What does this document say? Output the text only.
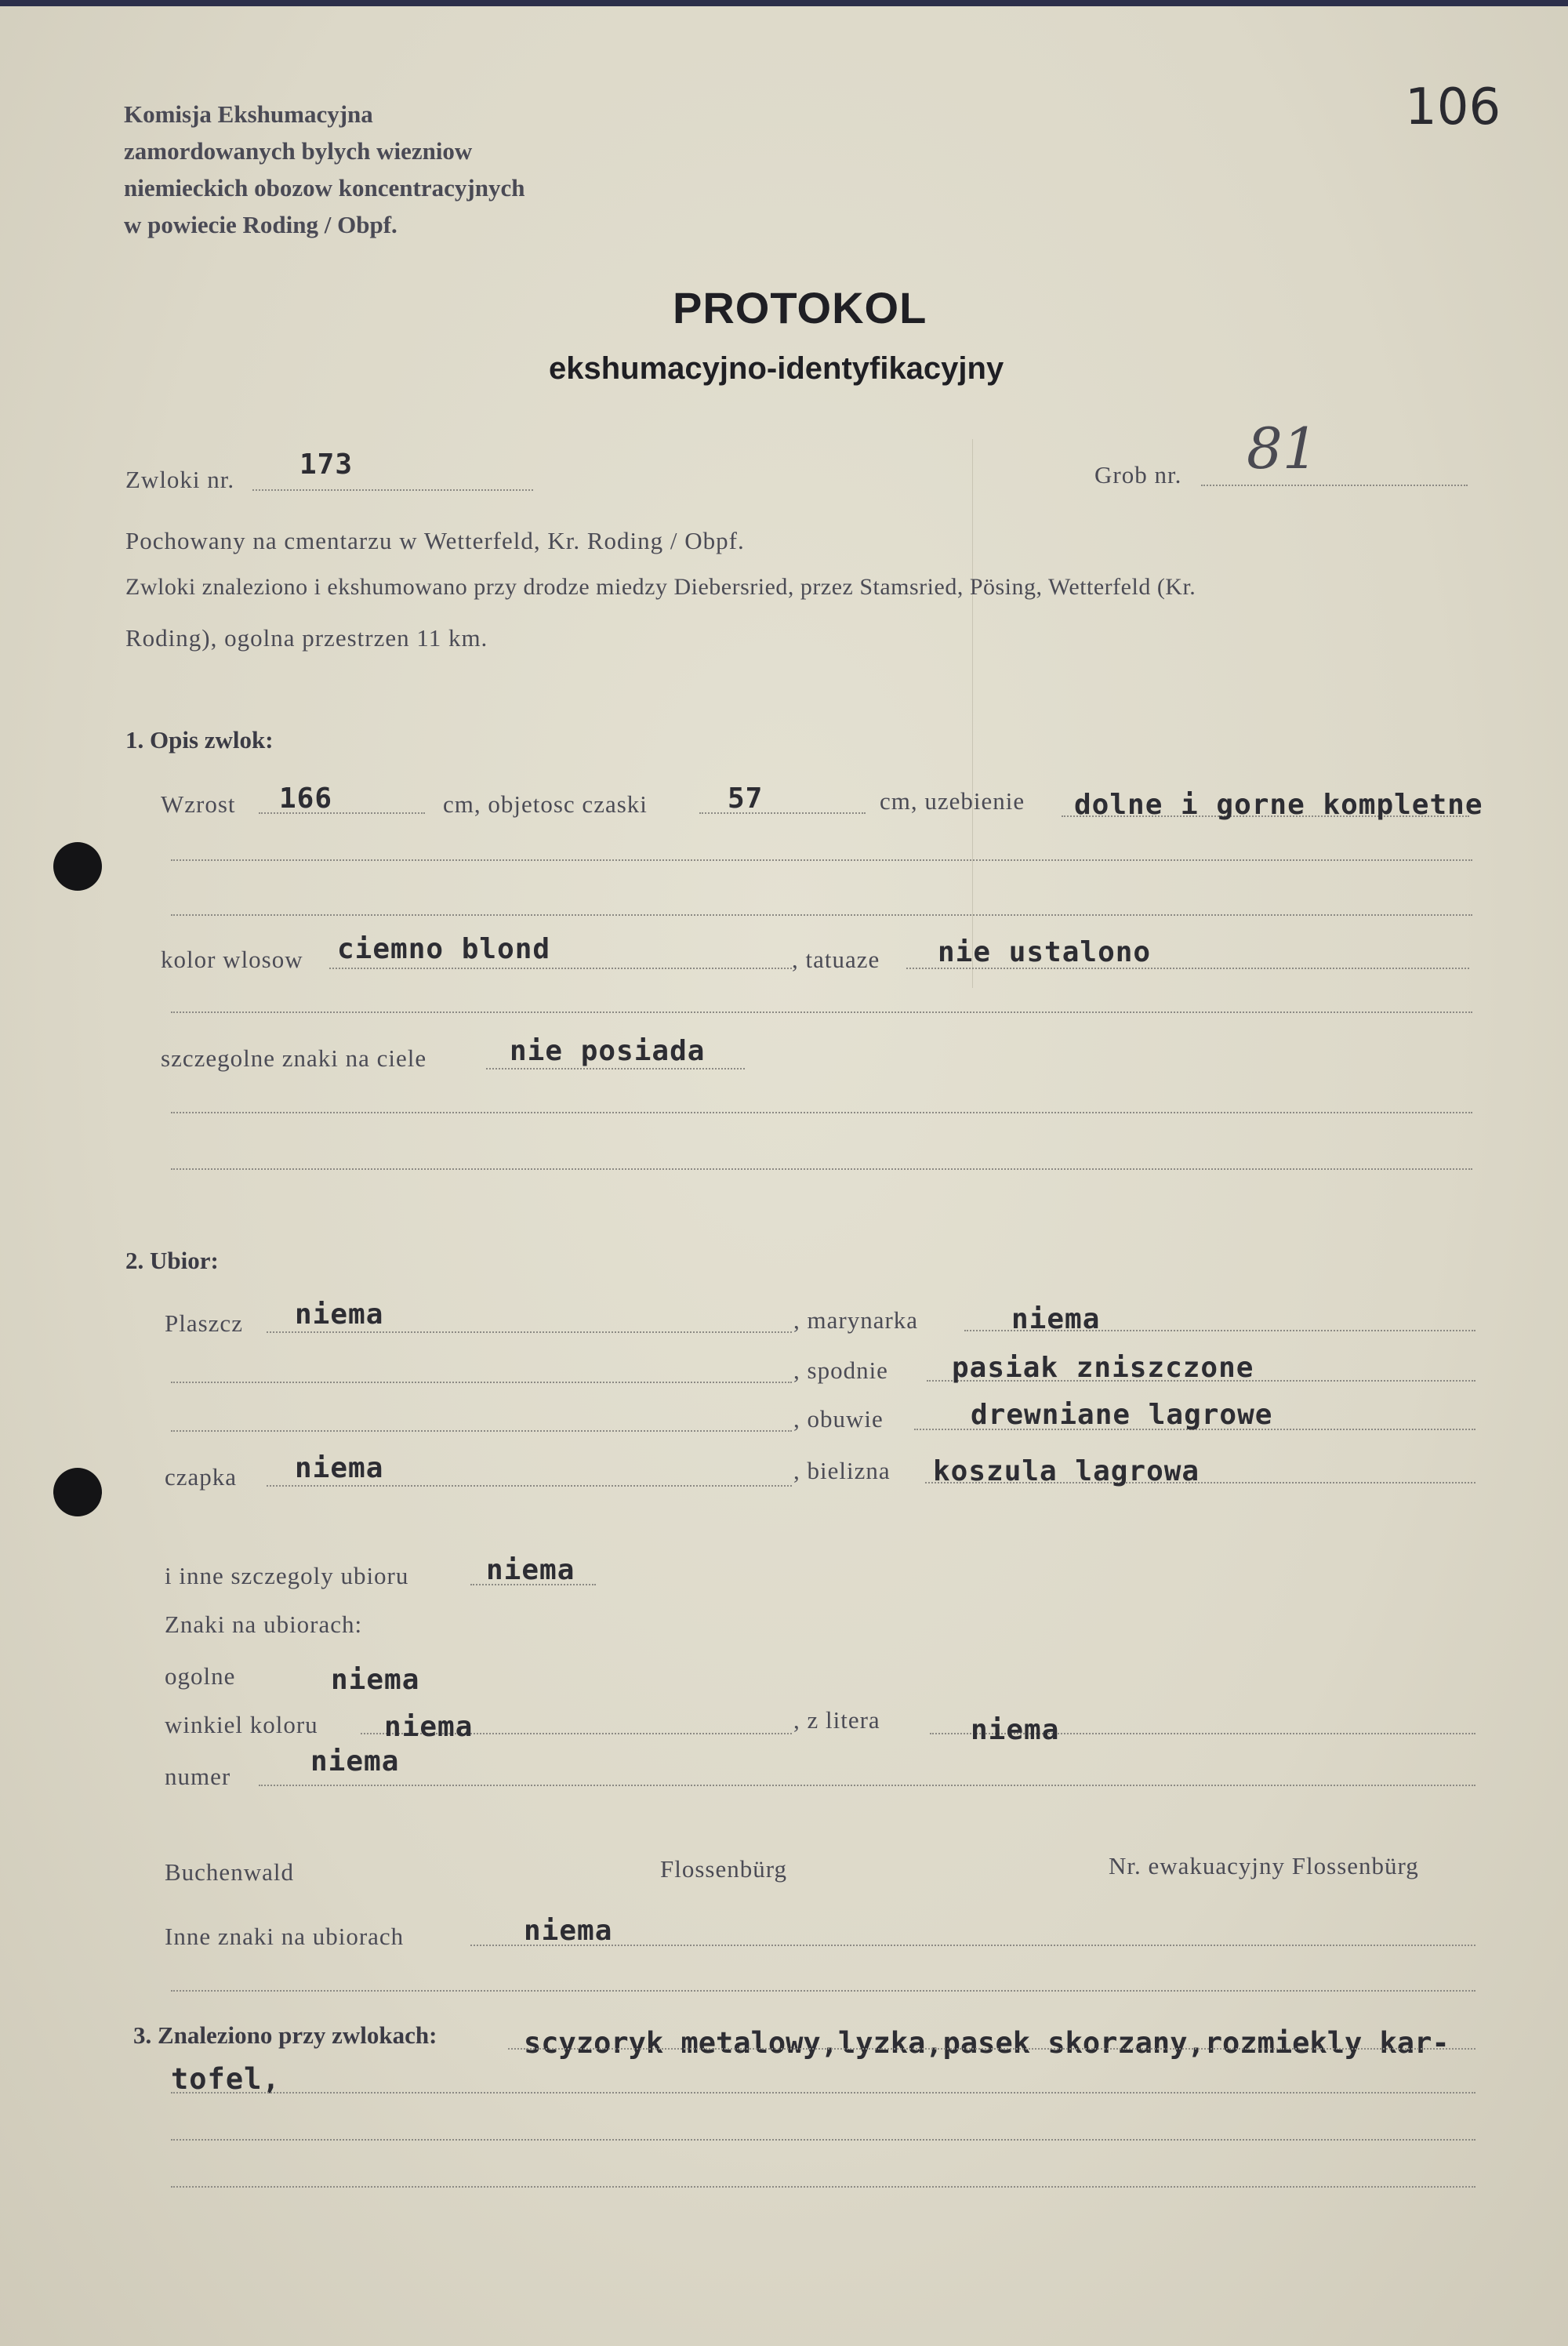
Komisja Ekshumacyjna
zamordowanych bylych wiezniow
niemieckich obozow koncentracyjnych
w powiecie Roding / Obpf.
106
PROTOKOL
ekshumacyjno-identyfikacyjny
Zwloki nr. 173	Grob nr. 81
Pochowany na cmentarzu w Wetterfeld, Kr. Roding / Obpf.
Zwloki znaleziono i ekshumowano przy drodze miedzy Diebersried, przez Stamsried, Pösing, Wetterfeld (Kr.
Roding), ogolna przestrzen 11 km.
1. Opis zwlok:
Wzrost 166	cm, objetosc czaski	57	cm, uzebienie dolne i gorne kompletne
kolor wlosow ciemno blond	, tatuaze nie ustalono
szczegolne znaki na ciele	nie posiada
2. Ubior:
Plaszcz niema	, marynarka	niema
, spodnie pasiak zniszczone
, obuwie	drewniane lagrowe
czapka niema	, bielizna koszula lagrowa
i inne szczegoly ubioru	niema
Znaki na ubiorach:
ogolne	niema
winkiel koloru niema	, z litera	niema
numer	niema
Buchenwald	Flossenbürg	Nr. ewakuacyjny Flossenbürg
Inne znaki na ubiorach	niema
3. Znaleziono przy zwlokach:	scyzoryk metalowy,lyzka,pasek skorzany,rozmiekly kar-
tofel,
